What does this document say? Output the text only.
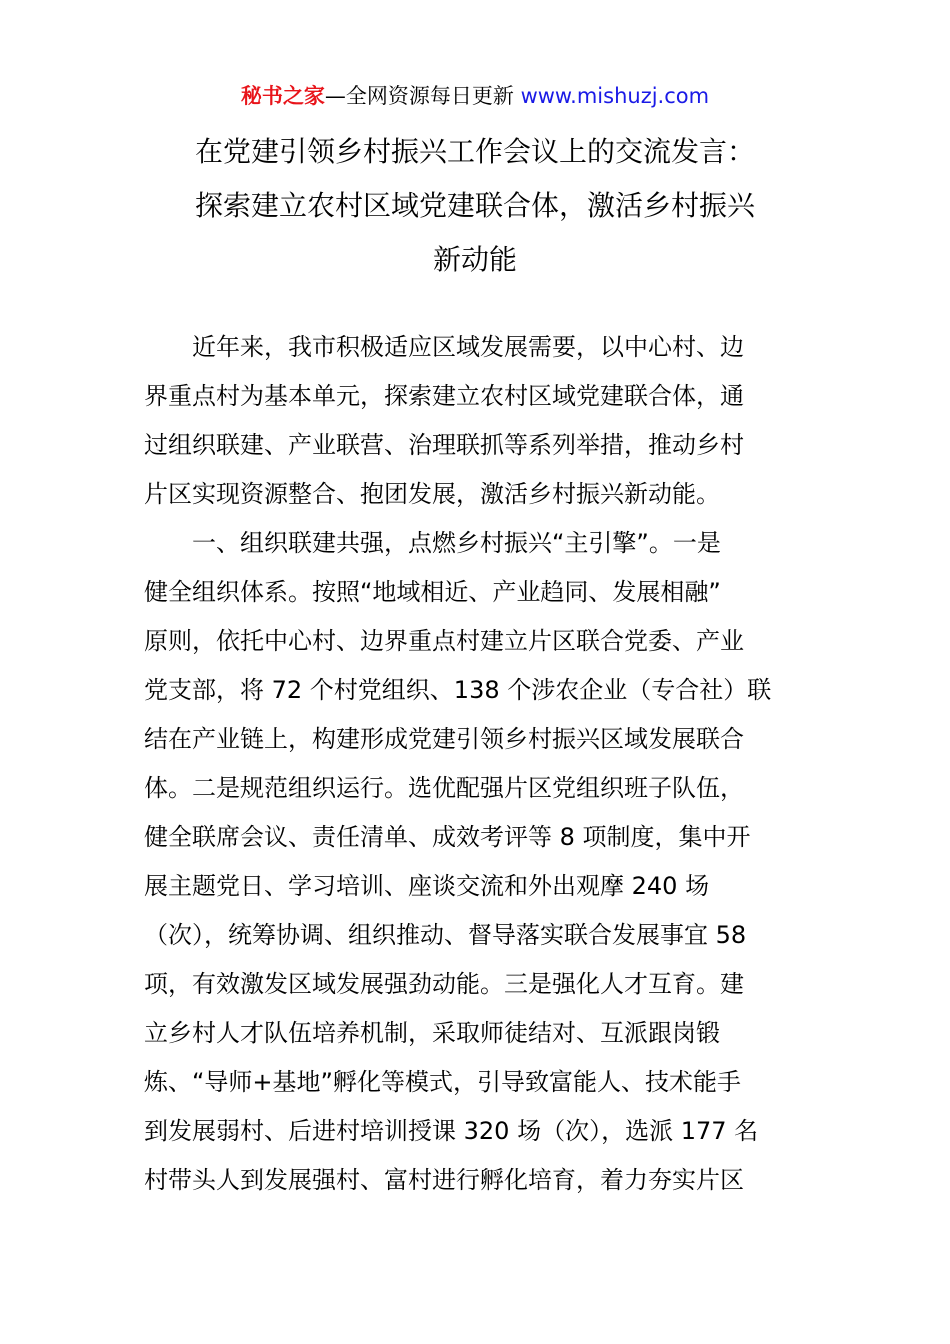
秘书之家—全网资源每日更新 www.mishuzj.com
在党建引领乡村振兴工作会议上的交流发言：
探索建立农村区域党建联合体，激活乡村振兴
新动能
近年来，我市积极适应区域发展需要，以中心村、边
界重点村为基本单元，探索建立农村区域党建联合体，通
过组织联建、产业联营、治理联抓等系列举措，推动乡村
片区实现资源整合、抱团发展，激活乡村振兴新动能。
一、组织联建共强，点燃乡村振兴“主引擎”。一是
健全组织体系。按照“地域相近、产业趋同、发展相融”
原则，依托中心村、边界重点村建立片区联合党委、产业
党支部，将 72 个村党组织、138 个涉农企业（专合社）联
结在产业链上，构建形成党建引领乡村振兴区域发展联合
体。二是规范组织运行。选优配强片区党组织班子队伍，
健全联席会议、责任清单、成效考评等 8 项制度，集中开
展主题党日、学习培训、座谈交流和外出观摩 240 场
（次），统筹协调、组织推动、督导落实联合发展事宜 58
项，有效激发区域发展强劲动能。三是强化人才互育。建
立乡村人才队伍培养机制，采取师徒结对、互派跟岗锻
炼、“导师+基地”孵化等模式，引导致富能人、技术能手
到发展弱村、后进村培训授课 320 场（次），选派 177 名
村带头人到发展强村、富村进行孵化培育，着力夯实片区
